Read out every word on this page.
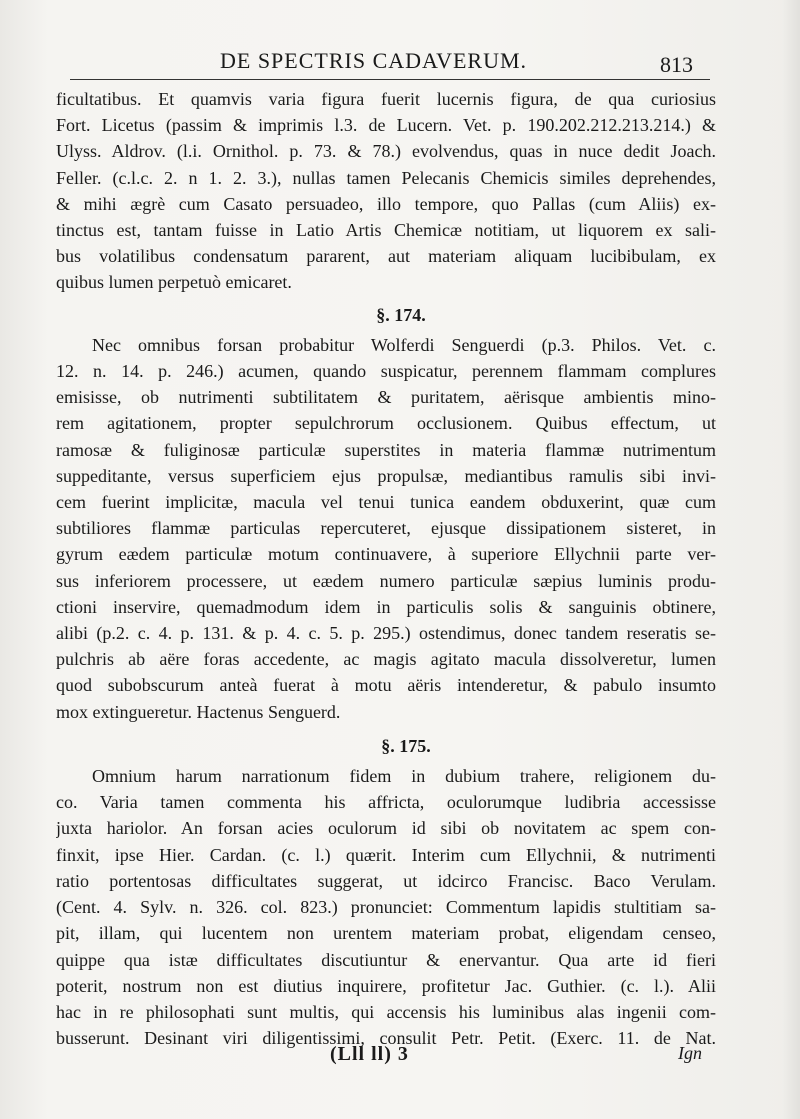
DE SPECTRIS CADAVERUM.	813

ficultatibus. Et quamvis varia figura fuerit lucernis figura, de qua curiosius
Fort. Licetus (passim & imprimis l.3. de Lucern. Vet. p. 190.202.212.213.214.) &
Ulyss. Aldrov. (l.i. Ornithol. p. 73. & 78.) evolvendus, quas in nuce dedit Joach.
Feller. (c.l.c. 2. n 1. 2. 3.), nullas tamen Pelecanis Chemicis similes deprehendes,
& mihi ægrè cum Casato persuadeo, illo tempore, quo Pallas (cum Aliis) ex-
tinctus est, tantam fuisse in Latio Artis Chemicæ notitiam, ut liquorem ex sali-
bus volatilibus condensatum pararent, aut materiam aliquam lucibibulam, ex
quibus lumen perpetuò emicaret.

§. 174.

Nec omnibus forsan probabitur Wolferdi Senguerdi (p.3. Philos. Vet. c.
12. n. 14. p. 246.) acumen, quando suspicatur, perennem flammam complures
emisisse, ob nutrimenti subtilitatem & puritatem, aërisque ambientis mino-
rem agitationem, propter sepulchrorum occlusionem. Quibus effectum, ut
ramosæ & fuliginosæ particulæ superstites in materia flammæ nutrimentum
suppeditante, versus superficiem ejus propulsæ, mediantibus ramulis sibi invi-
cem fuerint implicitæ, macula vel tenui tunica eandem obduxerint, quæ cum
subtiliores flammæ particulas repercuteret, ejusque dissipationem sisteret, in
gyrum eædem particulæ motum continuavere, à superiore Ellychnii parte ver-
sus inferiorem processere, ut eædem numero particulæ sæpius luminis produ-
ctioni inservire, quemadmodum idem in particulis solis & sanguinis obtinere,
alibi (p.2. c. 4. p. 131. & p. 4. c. 5. p. 295.) ostendimus, donec tandem reseratis se-
pulchris ab aëre foras accedente, ac magis agitato macula dissolveretur, lumen
quod subobscurum anteà fuerat à motu aëris intenderetur, & pabulo insumto
mox extingueretur. Hactenus Senguerd.

§. 175.

Omnium harum narrationum fidem in dubium trahere, religionem du-
co. Varia tamen commenta his affricta, oculorumque ludibria accessisse
juxta hariolor. An forsan acies oculorum id sibi ob novitatem ac spem con-
finxit, ipse Hier. Cardan. (c. l.) quærit. Interim cum Ellychnii, & nutrimenti
ratio portentosas difficultates suggerat, ut idcirco Francisc. Baco Verulam.
(Cent. 4. Sylv. n. 326. col. 823.) pronunciet: Commentum lapidis stultitiam sa-
pit, illam, qui lucentem non urentem materiam probat, eligendam censeo,
quippe qua istæ difficultates discutiuntur & enervantur. Qua arte id fieri
poterit, nostrum non est diutius inquirere, profitetur Jac. Guthier. (c. l.). Alii
hac in re philosophati sunt multis, qui accensis his luminibus alas ingenii com-
busserunt. Desinant viri diligentissimi, consulit Petr. Petit. (Exerc. 11. de Nat.

(Lll ll) 3	Ign
